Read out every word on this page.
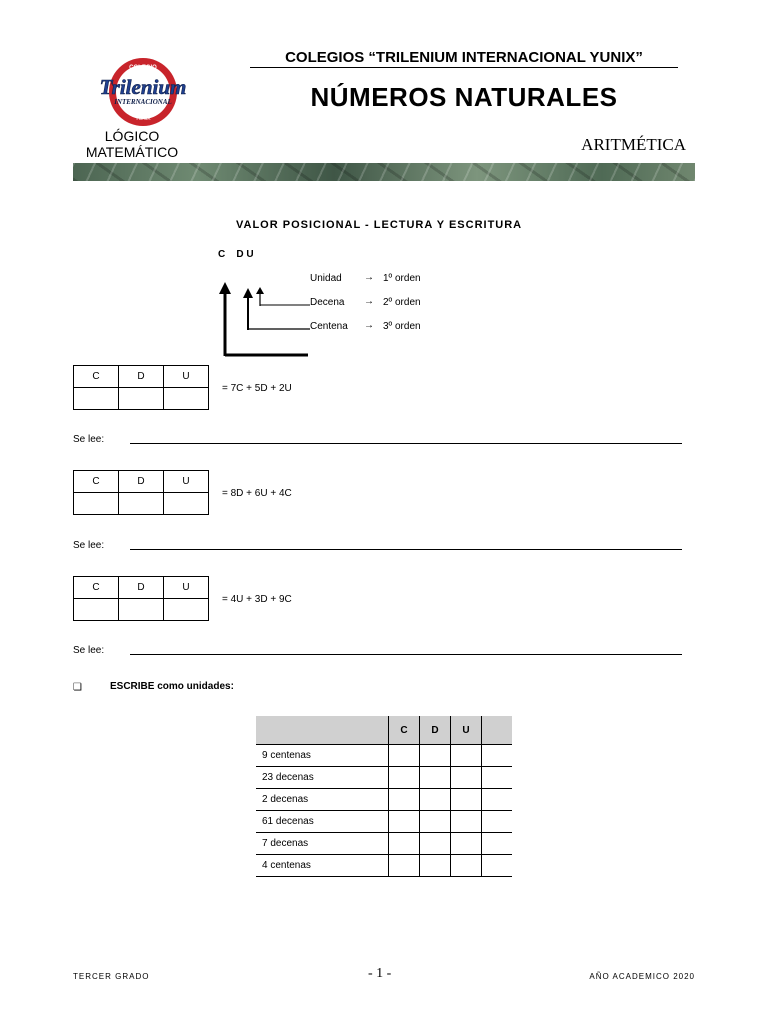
COLEGIO
Trilenium
INTERNACIONAL
YUNIX
COLEGIOS “TRILENIUM INTERNACIONAL YUNIX”
NÚMEROS NATURALES
LÓGICO
MATEMÁTICO	ARITMÉTICA
VALOR POSICIONAL - LECTURA Y ESCRITURA
C    D U
Unidad → 1º orden
Decena → 2º orden
Centena → 3º orden
C	D	U

= 7C + 5D + 2U
Se lee:
C	D	U

= 8D + 6U + 4C
Se lee:
C	D	U

= 4U + 3D + 9C
Se lee:
❏	ESCRIBE como unidades:
	C	D	U	
9 centenas				
23 decenas				
2 decenas				
61 decenas				
7 decenas				
4 centenas				
TERCER GRADO	- 1 -	AÑO ACADEMICO 2020
